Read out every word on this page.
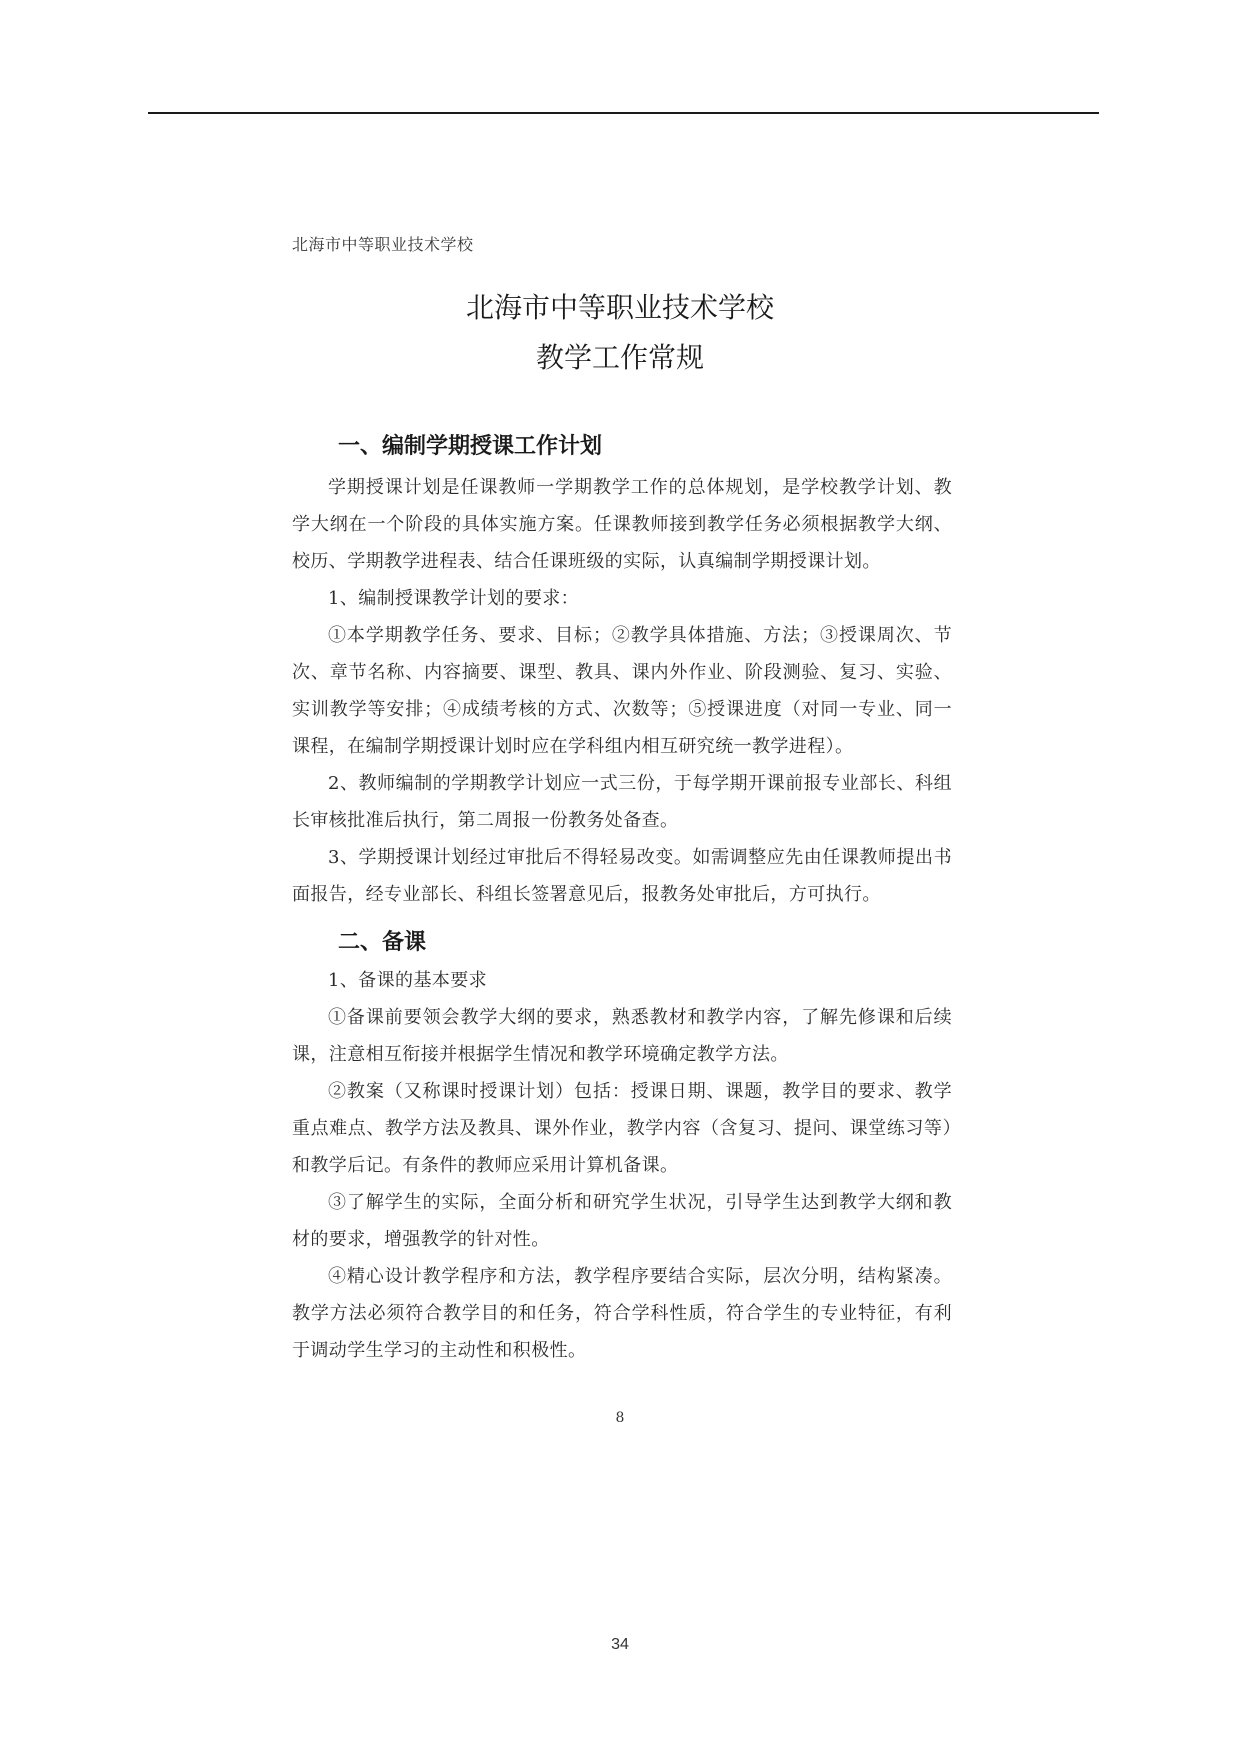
北海市中等职业技术学校
北海市中等职业技术学校
教学工作常规
一、编制学期授课工作计划

学期授课计划是任课教师一学期教学工作的总体规划，是学校教学计划、教学大纲在一个阶段的具体实施方案。任课教师接到教学任务必须根据教学大纲、校历、学期教学进程表、结合任课班级的实际，认真编制学期授课计划。

1、编制授课教学计划的要求：

①本学期教学任务、要求、目标；②教学具体措施、方法；③授课周次、节次、章节名称、内容摘要、课型、教具、课内外作业、阶段测验、复习、实验、实训教学等安排；④成绩考核的方式、次数等；⑤授课进度（对同一专业、同一课程，在编制学期授课计划时应在学科组内相互研究统一教学进程）。

2、教师编制的学期教学计划应一式三份，于每学期开课前报专业部长、科组长审核批准后执行，第二周报一份教务处备查。

3、学期授课计划经过审批后不得轻易改变。如需调整应先由任课教师提出书面报告，经专业部长、科组长签署意见后，报教务处审批后，方可执行。

二、备课

1、备课的基本要求

①备课前要领会教学大纲的要求，熟悉教材和教学内容，了解先修课和后续课，注意相互衔接并根据学生情况和教学环境确定教学方法。

②教案（又称课时授课计划）包括：授课日期、课题，教学目的要求、教学重点难点、教学方法及教具、课外作业，教学内容（含复习、提问、课堂练习等）和教学后记。有条件的教师应采用计算机备课。

③了解学生的实际，全面分析和研究学生状况，引导学生达到教学大纲和教材的要求，增强教学的针对性。

④精心设计教学程序和方法，教学程序要结合实际，层次分明，结构紧凑。教学方法必须符合教学目的和任务，符合学科性质，符合学生的专业特征，有利于调动学生学习的主动性和积极性。

8
34
